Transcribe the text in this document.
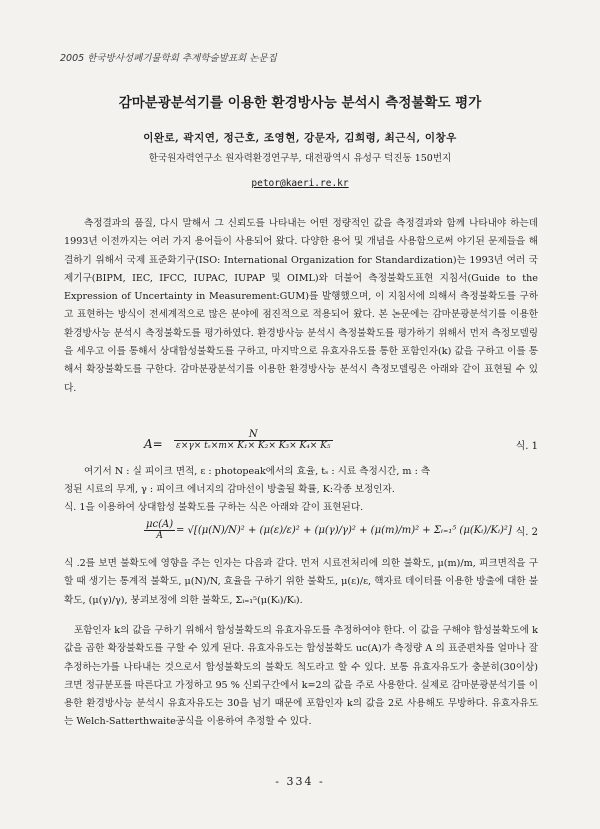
2005 한국방사성폐기물학회 추계학술발표회 논문집
감마분광분석기를 이용한 환경방사능 분석시 측정불확도 평가
이완로, 곽지연, 정근호, 조영현, 강문자, 김희령, 최근식, 이창우
한국원자력연구소 원자력환경연구부, 대전광역시 유성구 덕진동 150번지
petor@kaeri.re.kr
측정결과의 품질, 다시 말해서 그 신뢰도를 나타내는 어떤 정량적인 값을 측정결과와 함께 나타내야 하는데 1993년 이전까지는 여러 가지 용어들이 사용되어 왔다. 다양한 용어 및 개념을 사용함으로써 야기된 문제들을 해결하기 위해서 국제 표준화기구(ISO: International Organization for Standardization)는 1993년 여러 국제기구(BIPM, IEC, IFCC, IUPAC, IUPAP 및 OIML)와 더불어 측정불확도표현 지침서(Guide to the Expression of Uncertainty in Measurement:GUM)를 발행했으며, 이 지침서에 의해서 측정불확도를 구하고 표현하는 방식이 전세계적으로 많은 분야에 점진적으로 적용되어 왔다. 본 논문에는 감마분광분석기를 이용한 환경방사능 분석시 측정불확도를 평가하였다. 환경방사능 분석시 측정불확도를 평가하기 위해서 먼저 측정모델링을 세우고 이를 통해서 상대합성불확도를 구하고, 마지막으로 유효자유도를 통한 포함인자(k) 값을 구하고 이를 통해서 확장불확도를 구한다. 감마분광분석기를 이용한 환경방사능 분석시 측정모델링은 아래와 같이 표현될 수 있다.
$A= \frac{N}{\text{ε×γ× tₛ×m× K₁× K₂× K₃× K₄× K₅}}$	식. 1
여기서 N : 실 피이크 면적, ε : photopeak에서의 효율, tₛ : 시료 측정시간, m : 측
정된 시료의 무게, γ : 피이크 에너지의 감마선이 방출될 확률, K:각종 보정인자.
식. 1을 이용하여 상대합성 불확도를 구하는 식은 아래와 같이 표현된다.
$\frac{\mu c(A)}{A} = √[(\mu(N)/N)^2 + (\mu(\varepsilon)/\varepsilon)^2 + (\mu(\gamma)/\gamma)^2 + (\mu(m)/m)^2$ + Σᵢ₌₁⁵ (μ(Kᵢ)/Kᵢ)²] 식. 2
식 .2를 보면 불확도에 영향을 주는 인자는 다음과 같다. 먼저 시료전처리에 의한 불확도, μ(m)/m, 피크면적을 구할 때 생기는 통계적 불확도, μ(N)/N, 효율을 구하기 위한 불확도, μ(ε)/ε, 핵자료 데이터를 이용한 방출에 대한 불확도, (μ(γ)/γ), 붕괴보정에 의한 불확도, Σᵢ₌₁⁵(μ(Kᵢ)/Kᵢ).
포함인자 k의 값을 구하기 위해서 합성불확도의 유효자유도를 추정하여야 한다. 이 값을 구해야 합성불확도에 k값을 곱한 확장불확도를 구할 수 있게 된다. 유효자유도는 합성불확도 uc(A)가 측정량 A 의 표준편차를 얼마나 잘 추정하는가를 나타내는 것으로서 합성불확도의 불확도 척도라고 할 수 있다. 보통 유효자유도가 충분히(30이상) 크면 정규분포를 따른다고 가정하고 95 % 신뢰구간에서 k=2의 값을 주로 사용한다. 실제로 감마분광분석기를 이용한 환경방사능 분석시 유효자유도는 30을 넘기 때문에 포함인자 k의 값을 2로 사용해도 무방하다. 유효자유도는 Welch-Satterthwaite공식을 이용하여 추정할 수 있다.
- 334 -
